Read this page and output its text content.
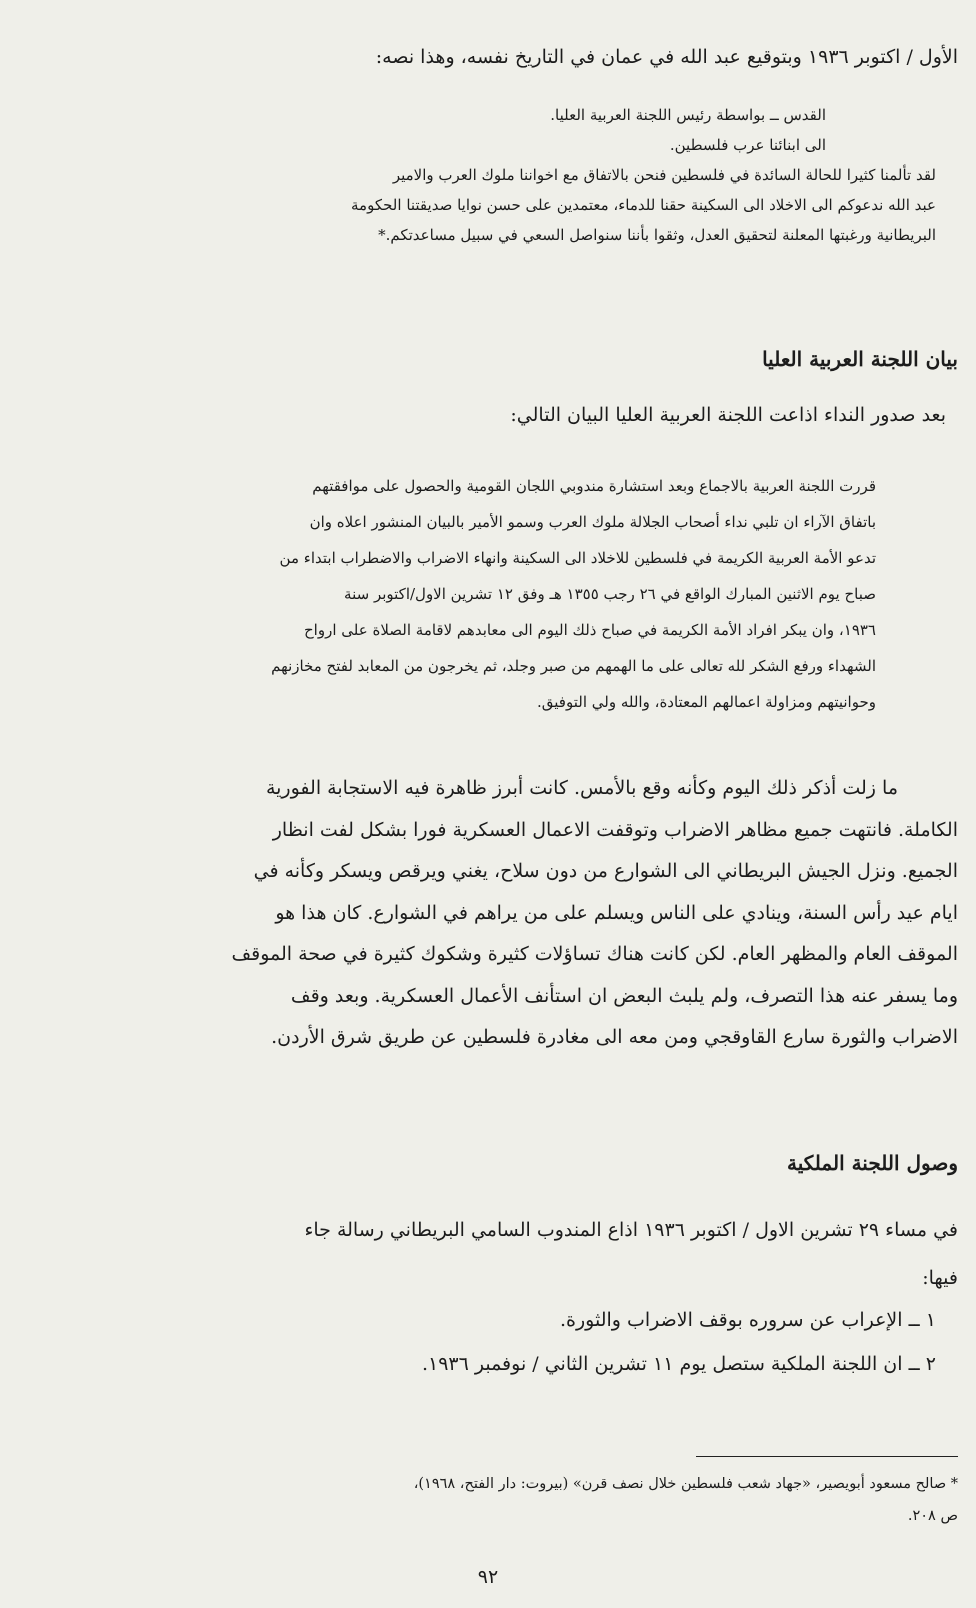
الأول / اكتوبر ١٩٣٦ وبتوقيع عبد الله في عمان في التاريخ نفسه، وهذا نصه:

القدس ــ بواسطة رئيس اللجنة العربية العليا.
الى ابنائنا عرب فلسطين.
لقد تألمنا كثيرا للحالة السائدة في فلسطين فنحن بالاتفاق مع اخواننا ملوك العرب والامير
عبد الله ندعوكم الى الاخلاد الى السكينة حقنا للدماء، معتمدين على حسن نوايا صديقتنا الحكومة
البريطانية ورغبتها المعلنة لتحقيق العدل، وثقوا بأننا سنواصل السعي في سبيل مساعدتكم.*
بيان اللجنة العربية العليا

بعد صدور النداء اذاعت اللجنة العربية العليا البيان التالي:

قررت اللجنة العربية بالاجماع وبعد استشارة مندوبي اللجان القومية والحصول على موافقتهم
باتفاق الآراء ان تلبي نداء أصحاب الجلالة ملوك العرب وسمو الأمير بالبيان المنشور اعلاه وان
تدعو الأمة العربية الكريمة في فلسطين للاخلاد الى السكينة وانهاء الاضراب والاضطراب ابتداء من
صباح يوم الاثنين المبارك الواقع في ٢٦ رجب ١٣٥٥ هـ وفق ١٢ تشرين الاول/اكتوبر سنة
١٩٣٦، وان يبكر افراد الأمة الكريمة في صباح ذلك اليوم الى معابدهم لاقامة الصلاة على ارواح
الشهداء ورفع الشكر لله تعالى على ما الهمهم من صبر وجلد، ثم يخرجون من المعابد لفتح مخازنهم
وحوانيتهم ومزاولة اعمالهم المعتادة، والله ولي التوفيق.
ما زلت أذكر ذلك اليوم وكأنه وقع بالأمس. كانت أبرز ظاهرة فيه الاستجابة الفورية
الكاملة. فانتهت جميع مظاهر الاضراب وتوقفت الاعمال العسكرية فورا بشكل لفت انظار
الجميع. ونزل الجيش البريطاني الى الشوارع من دون سلاح، يغني ويرقص ويسكر وكأنه في
ايام عيد رأس السنة، وينادي على الناس ويسلم على من يراهم في الشوارع. كان هذا هو
الموقف العام والمظهر العام. لكن كانت هناك تساؤلات كثيرة وشكوك كثيرة في صحة الموقف
وما يسفر عنه هذا التصرف، ولم يلبث البعض ان استأنف الأعمال العسكرية. وبعد وقف
الاضراب والثورة سارع القاوقجي ومن معه الى مغادرة فلسطين عن طريق شرق الأردن.
وصول اللجنة الملكية
في مساء ٢٩ تشرين الاول / اكتوبر ١٩٣٦ اذاع المندوب السامي البريطاني رسالة جاء
فيها:
١ ــ الإعراب عن سروره بوقف الاضراب والثورة.
٢ ــ ان اللجنة الملكية ستصل يوم ١١ تشرين الثاني / نوفمبر ١٩٣٦.
* صالح مسعود أبويصير، «جهاد شعب فلسطين خلال نصف قرن» (بيروت: دار الفتح، ١٩٦٨)،
ص ٢٠٨.
٩٢
